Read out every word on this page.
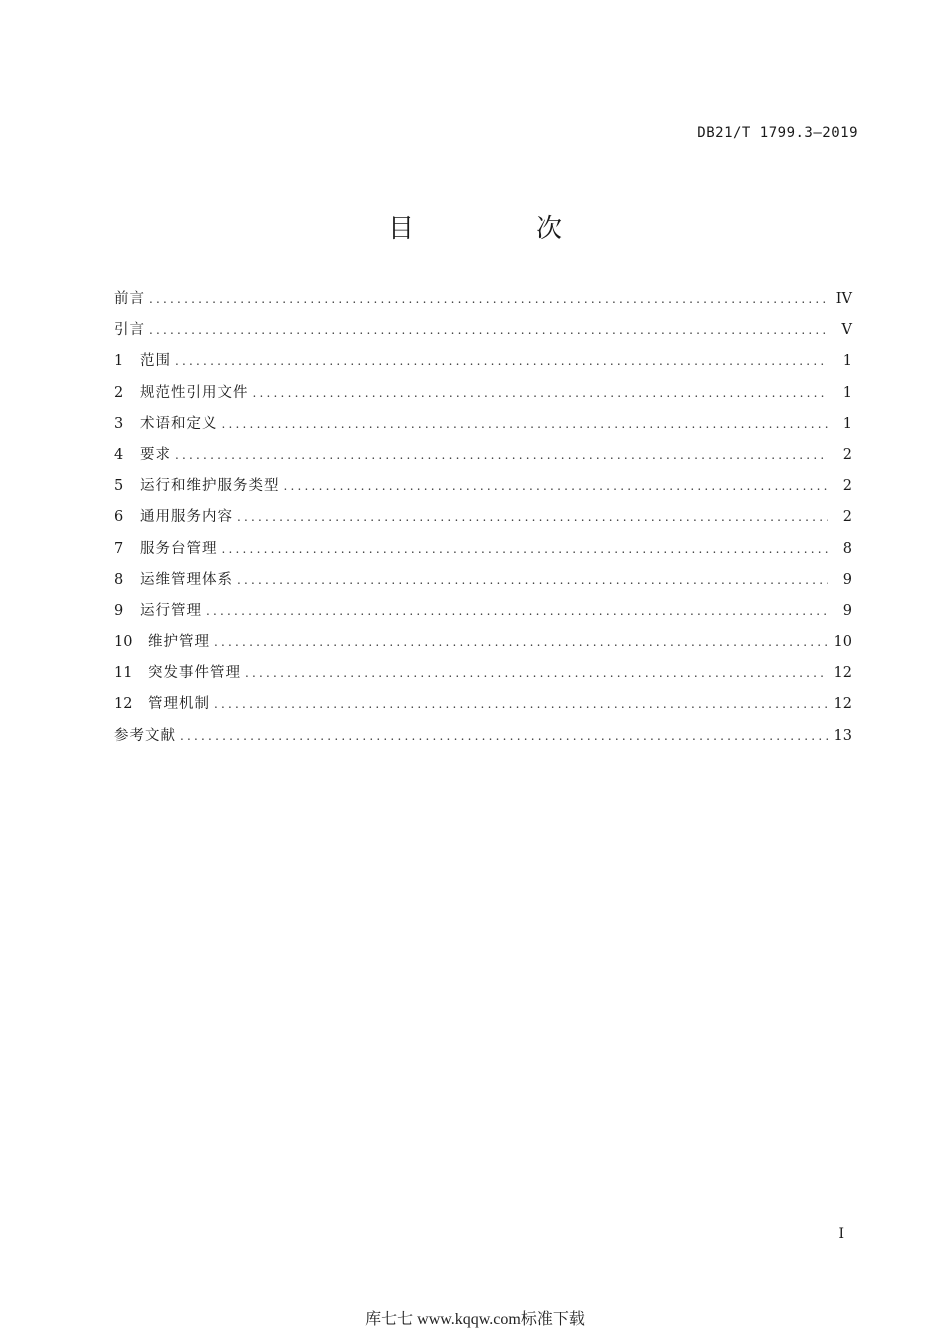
DB21/T 1799.3—2019
目　次
前言 .....	IV
引言 .....	V
1	范围 .....	1
2	规范性引用文件 .....	1
3	术语和定义 .....	1
4	要求 .....	2
5	运行和维护服务类型 .....	2
6	通用服务内容 .....	2
7	服务台管理 .....	8
8	运维管理体系 .....	9
9	运行管理 .....	9
10	维护管理 .....	10
11	突发事件管理 .....	12
12	管理机制 .....	12
参考文献 .....	13
I
库七七 www.kqqw.com标准下载
